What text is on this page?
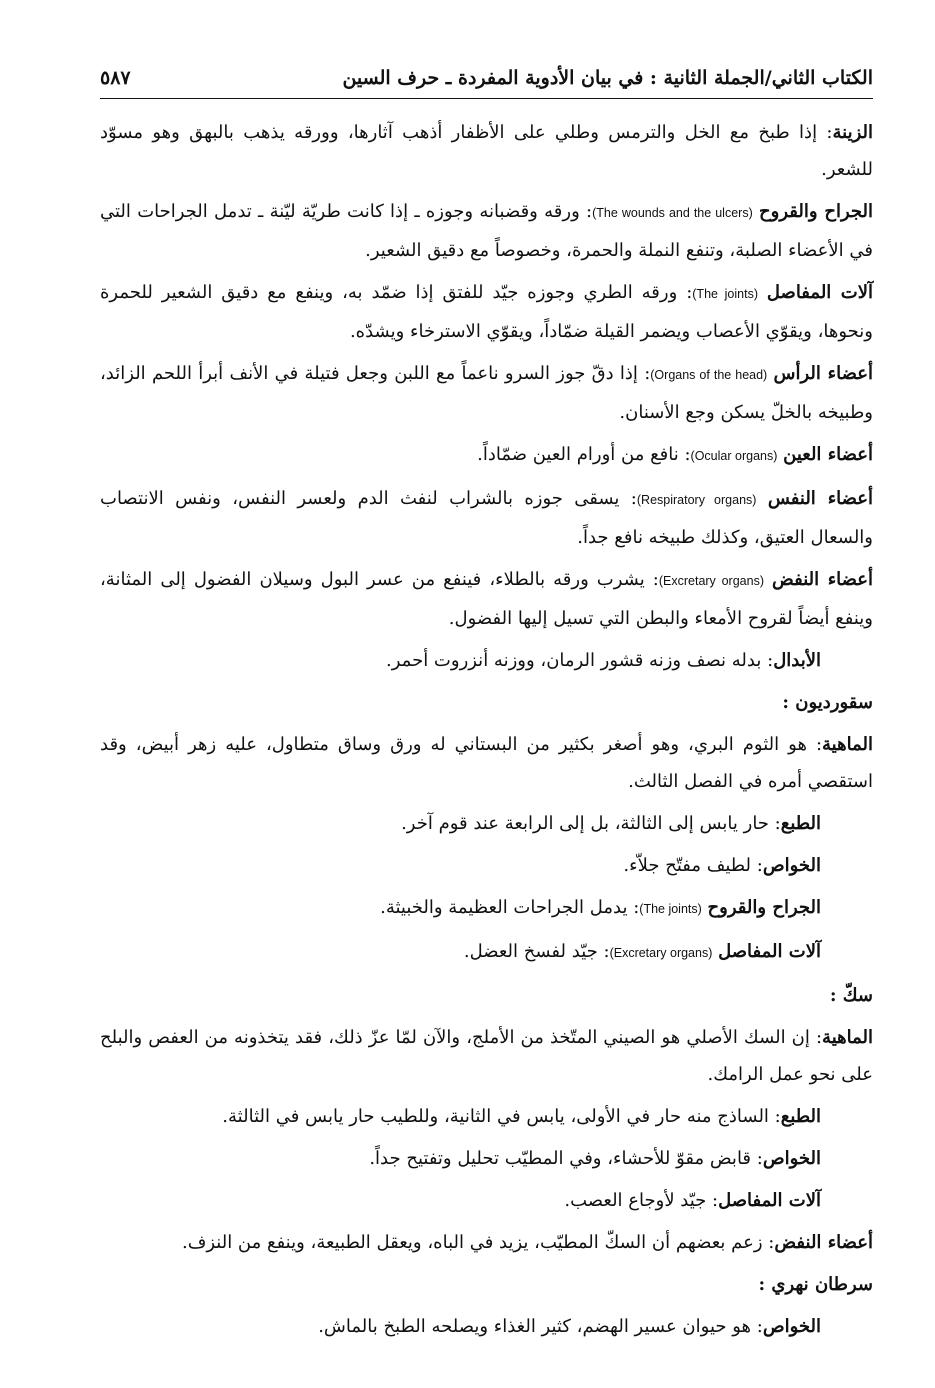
الكتاب الثاني/الجملة الثانية : في بيان الأدوية المفردة ـ حرف السين
٥٨٧

الزينة: إذا طبخ مع الخل والترمس وطلي على الأظفار أذهب آثارها، وورقه يذهب بالبهق وهو مسوّد للشعر.

الجراح والقروح (The wounds and the ulcers): ورقه وقضبانه وجوزه ـ إذا كانت طريّة ليّنة ـ تدمل الجراحات التي في الأعضاء الصلبة، وتنفع النملة والحمرة، وخصوصاً مع دقيق الشعير.

آلات المفاصل (The joints): ورقه الطري وجوزه جيّد للفتق إذا ضمّد به، وينفع مع دقيق الشعير للحمرة ونحوها، ويقوّي الأعصاب ويضمر القيلة ضمّاداً، ويقوّي الاسترخاء ويشدّه.

أعضاء الرأس (Organs of the head): إذا دقّ جوز السرو ناعماً مع اللبن وجعل فتيلة في الأنف أبرأ اللحم الزائد، وطبيخه بالخلّ يسكن وجع الأسنان.

أعضاء العين (Ocular organs): نافع من أورام العين ضمّاداً.

أعضاء النفس (Respiratory organs): يسقى جوزه بالشراب لنفث الدم ولعسر النفس، ونفس الانتصاب والسعال العتيق، وكذلك طبيخه نافع جداً.

أعضاء النفض (Excretary organs): يشرب ورقه بالطلاء، فينفع من عسر البول وسيلان الفضول إلى المثانة، وينفع أيضاً لقروح الأمعاء والبطن التي تسيل إليها الفضول.

الأبدال: بدله نصف وزنه قشور الرمان، ووزنه أنزروت أحمر.

سقورديون :

الماهية: هو الثوم البري، وهو أصغر بكثير من البستاني له ورق وساق متطاول، عليه زهر أبيض، وقد استقصي أمره في الفصل الثالث.

الطبع: حار يابس إلى الثالثة، بل إلى الرابعة عند قوم آخر.

الخواص: لطيف مفتّح جلاّء.

الجراح والقروح (The joints): يدمل الجراحات العظيمة والخبيثة.

آلات المفاصل (Excretary organs): جيّد لفسخ العضل.

سكّ :

الماهية: إن السك الأصلي هو الصيني المتّخذ من الأملج، والآن لمّا عزّ ذلك، فقد يتخذونه من العفص والبلح على نحو عمل الرامك.

الطبع: الساذج منه حار في الأولى، يابس في الثانية، وللطيب حار يابس في الثالثة.

الخواص: قابض مقوّ للأحشاء، وفي المطيّب تحليل وتفتيح جداً.

آلات المفاصل: جيّد لأوجاع العصب.

أعضاء النفض: زعم بعضهم أن السكّ المطيّب، يزيد في الباه، ويعقل الطبيعة، وينفع من النزف.

سرطان نهري :

الخواص: هو حيوان عسير الهضم، كثير الغذاء ويصلحه الطبخ بالماش.
